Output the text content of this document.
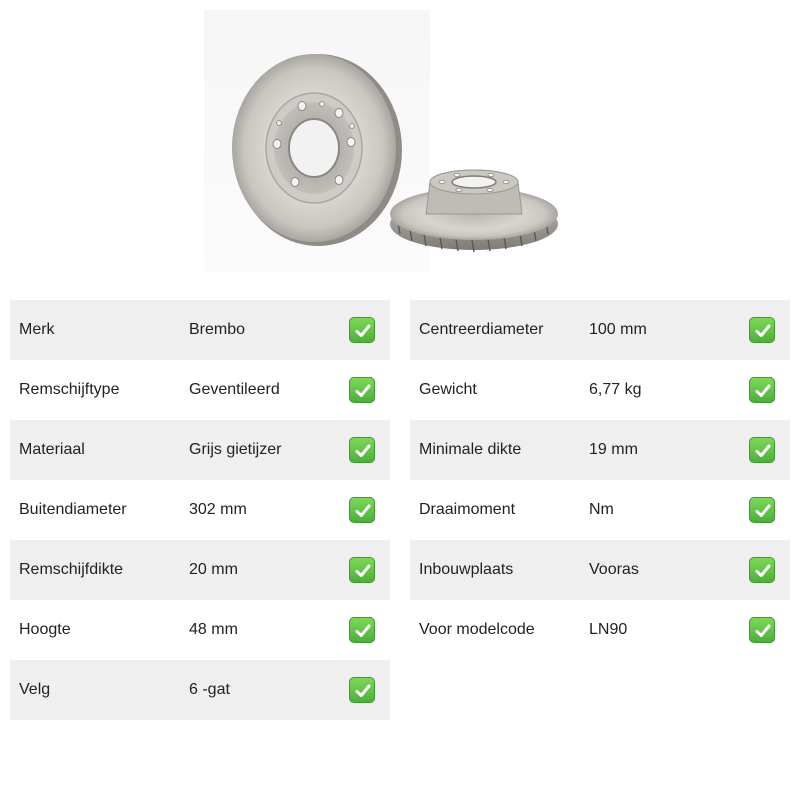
Merk	Brembo
Remschijftype	Geventileerd
Materiaal	Grijs gietijzer
Buitendiameter	302 mm
Remschijfdikte	20 mm
Hoogte	48 mm
Velg	6 -gat
Centreerdiameter	100 mm
Gewicht	6,77 kg
Minimale dikte	19 mm
Draaimoment	Nm
Inbouwplaats	Vooras
Voor modelcode	LN90
